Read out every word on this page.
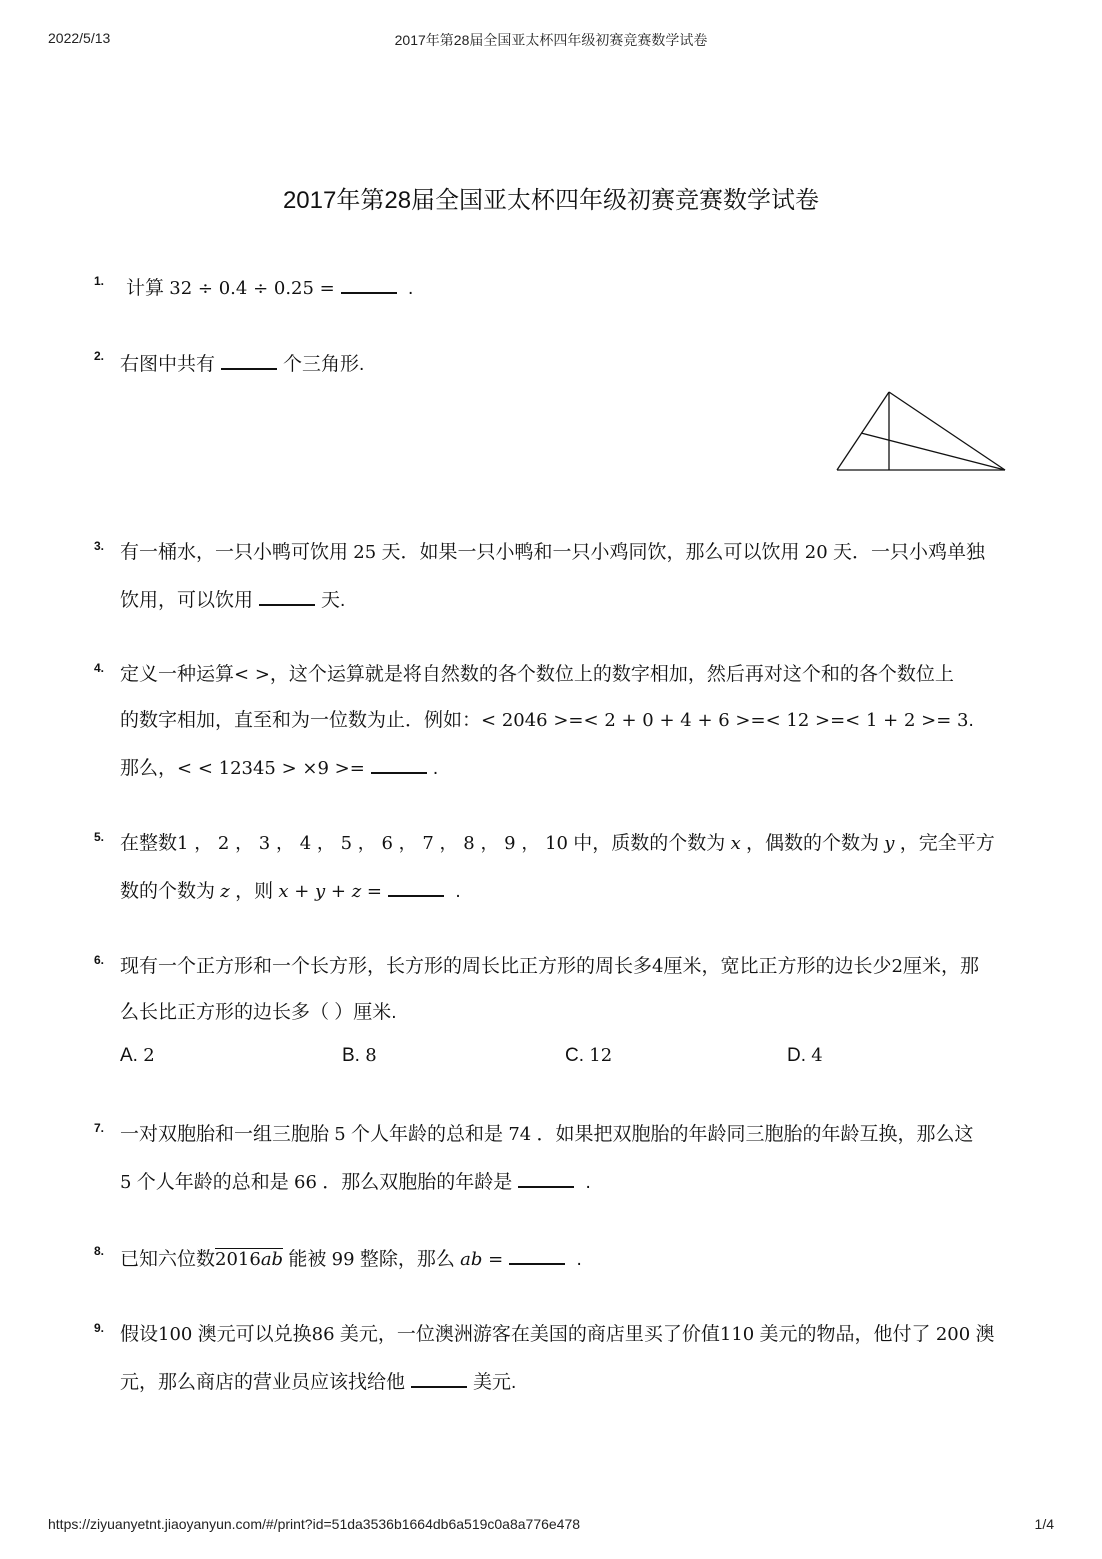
2022/5/13	2017年第28届全国亚太杯四年级初赛竞赛数学试卷
2017年第28届全国亚太杯四年级初赛竞赛数学试卷
1. 计算 32 ÷ 0.4 ÷ 0.25 =	.
2. 右图中共有	个三角形.
3. 有一桶水，一只小鸭可饮用 25 天．如果一只小鸭和一只小鸡同饮，那么可以饮用 20 天．一只小鸡单独
饮用，可以饮用	天.
4. 定义一种运算< >，这个运算就是将自然数的各个数位上的数字相加，然后再对这个和的各个数位上
的数字相加，直至和为一位数为止．例如：< 2046 >=< 2 + 0 + 4 + 6 >=< 12 >=< 1 + 2 >= 3.
那么，< < 12345 > ×9 >=	.
5. 在整数1 ， 2 ， 3 ， 4 ， 5 ， 6 ， 7 ， 8 ， 9 ， 10 中，质数的个数为 x ，偶数的个数为 y ，完全平方
数的个数为 z ，则 x + y + z =	.
6. 现有一个正方形和一个长方形，长方形的周长比正方形的周长多4厘米，宽比正方形的边长少2厘米，那
么长比正方形的边长多（ ）厘米.
A. 2	B. 8	C. 12	D. 4
7. 一对双胞胎和一组三胞胎 5 个人年龄的总和是 74 ．如果把双胞胎的年龄同三胞胎的年龄互换，那么这
5 个人年龄的总和是 66 ．那么双胞胎的年龄是	.
8. 已知六位数2016ab 能被 99 整除，那么 ab =	.
9. 假设100 澳元可以兑换86 美元，一位澳洲游客在美国的商店里买了价值110 美元的物品，他付了 200 澳
元，那么商店的营业员应该找给他	美元.
https://ziyuanyetnt.jiaoyanyun.com/#/print?id=51da3536b1664db6a519c0a8a776e478	1/4
